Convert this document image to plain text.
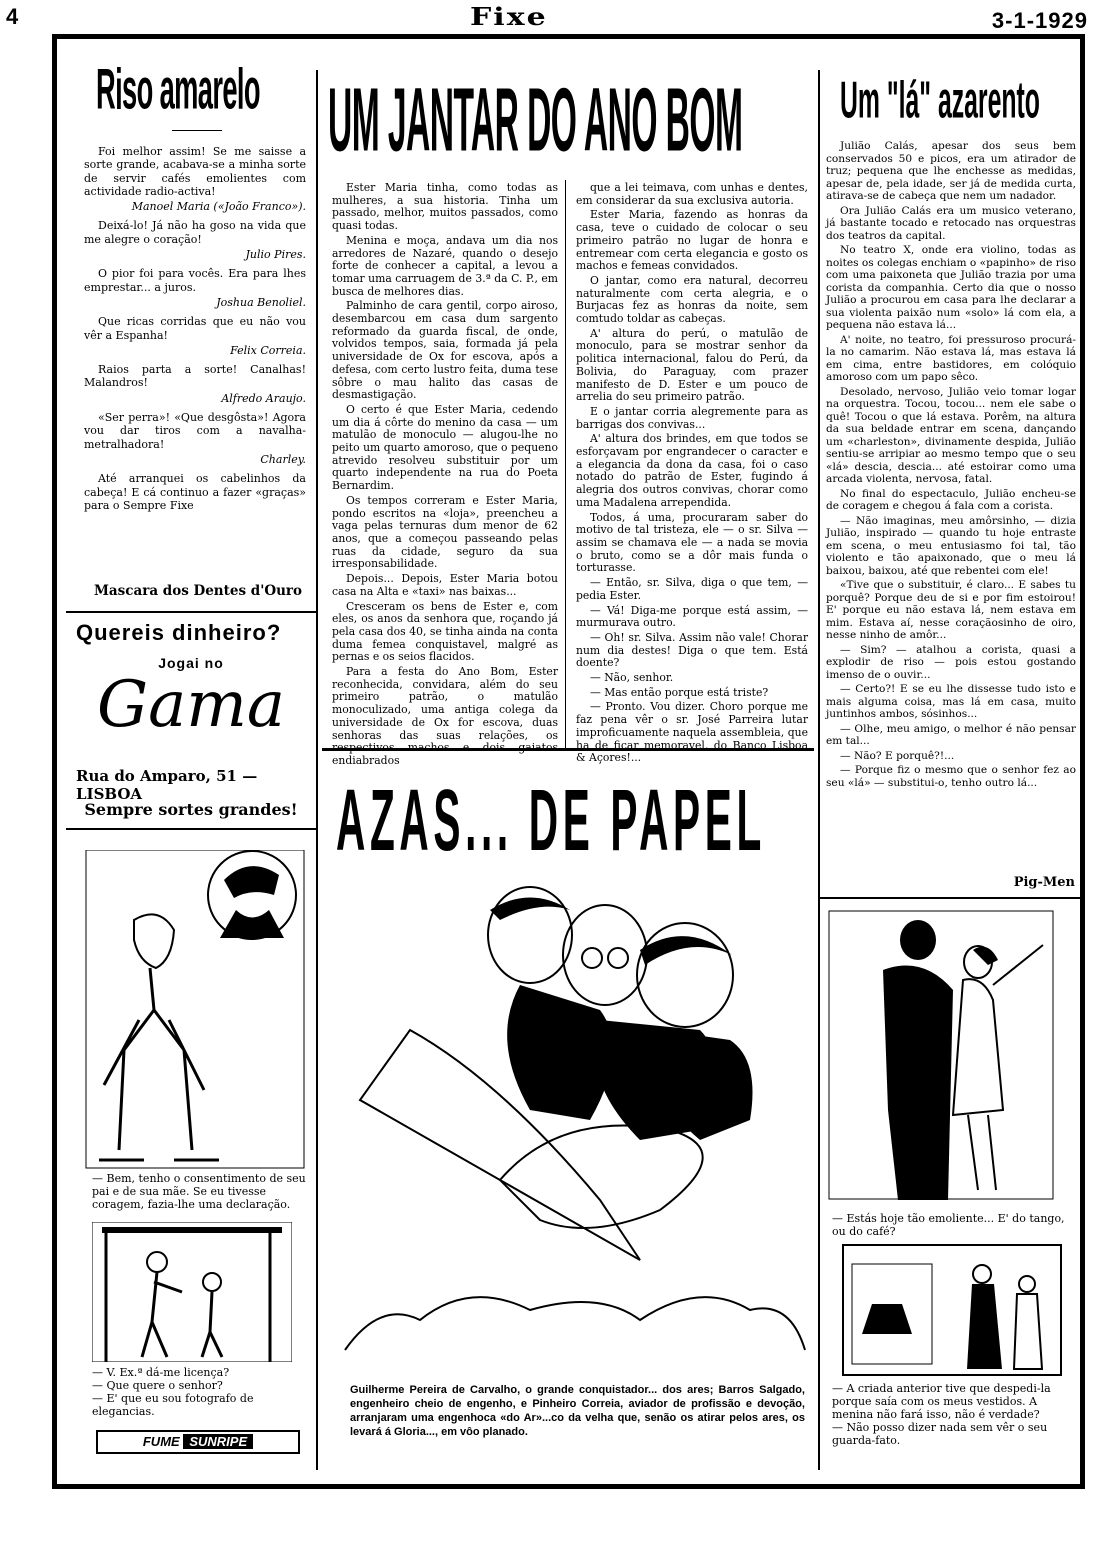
4	Fixe	3-1-1929
Riso amarelo

Foi melhor assim! Se me saisse a sorte grande, acabava-se a minha sorte de servir cafés emolientes com actividade radio-activa!

Manoel Maria («João Franco»).

Deixá-lo! Já não ha goso na vida que me alegre o coração!

Julio Pires.

O pior foi para vocês. Era para lhes emprestar... a juros.

Joshua Benoliel.

Que ricas corridas que eu não vou vêr a Espanha!

Felix Correia.

Raios parta a sorte! Canalhas! Malandros!

Alfredo Araujo.

«Ser perra»! «Que desgôsta»! Agora vou dar tiros com a navalha-metralhadora!

Charley.

Até arranquei os cabelinhos da cabeça! E cá continuo a fazer «graças» para o Sempre Fixe

Mascara dos Dentes d'Ouro
Quereis dinheiro?
Jogai no
Gama
Rua do Amparo, 51 — LISBOA
Sempre sortes grandes!
— Bem, tenho o consentimento de seu pai e de sua mãe. Se eu tivesse coragem, fazia-lhe uma declaração.
— V. Ex.ª dá-me licença?
— Que quere o senhor?
— E' que eu sou fotografo de elegancias.
FUME SUNRIPE
UM JANTAR DO ANO BOM

Ester Maria tinha, como todas as mulheres, a sua historia. Tinha um passado, melhor, muitos passados, como quasi todas.

Menina e moça, andava um dia nos arredores de Nazaré, quando o desejo forte de conhecer a capital, a levou a tomar uma carruagem de 3.ª da C. P., em busca de melhores dias.

Palminho de cara gentil, corpo airoso, desembarcou em casa dum sargento reformado da guarda fiscal, de onde, volvidos tempos, saia, formada já pela universidade de Ox for escova, após a defesa, com certo lustro feita, duma tese sôbre o mau halito das casas de desmastigação.

O certo é que Ester Maria, cedendo um dia á côrte do menino da casa — um matulão de monoculo — alugou-lhe no peito um quarto amoroso, que o pequeno atrevido resolveu substituir por um quarto independente na rua do Poeta Bernardim.

Os tempos correram e Ester Maria, pondo escritos na «loja», preencheu a vaga pelas ternuras dum menor de 62 anos, que a começou passeando pelas ruas da cidade, seguro da sua irresponsabilidade.

Depois... Depois, Ester Maria botou casa na Alta e «taxi» nas baixas...

Cresceram os bens de Ester e, com eles, os anos da senhora que, roçando já pela casa dos 40, se tinha ainda na conta duma femea conquistavel, malgré as pernas e os seios flacidos.

Para a festa do Ano Bom, Ester reconhecida, convidara, além do seu primeiro patrão, o matulão monoculizado, uma antiga colega da universidade de Ox for escova, duas senhoras das suas relações, os respectivos machos e dois gaiatos endiabrados

que a lei teimava, com unhas e dentes, em considerar da sua exclusiva autoria.

Ester Maria, fazendo as honras da casa, teve o cuidado de colocar o seu primeiro patrão no lugar de honra e entremear com certa elegancia e gosto os machos e femeas convidados.

O jantar, como era natural, decorreu naturalmente com certa alegria, e o Burjacas fez as honras da noite, sem comtudo toldar as cabeças.

A' altura do perú, o matulão de monoculo, para se mostrar senhor da politica internacional, falou do Perú, da Bolivia, do Paraguay, com prazer manifesto de D. Ester e um pouco de arrelia do seu primeiro patrão.

E o jantar corria alegremente para as barrigas dos convivas...

A' altura dos brindes, em que todos se esforçavam por engrandecer o caracter e a elegancia da dona da casa, foi o caso notado do patrão de Ester, fugindo á alegria dos outros convivas, chorar como uma Madalena arrependida.

Todos, á uma, procuraram saber do motivo de tal tristeza, ele — o sr. Silva — assim se chamava ele — a nada se movia o bruto, como se a dôr mais funda o torturasse.

— Então, sr. Silva, diga o que tem, — pedia Ester.

— Vá! Diga-me porque está assim, — murmurava outro.

— Oh! sr. Silva. Assim não vale! Chorar num dia destes! Diga o que tem. Está doente?

— Não, senhor.

— Mas então porque está triste?

— Pronto. Vou dizer. Choro porque me faz pena vêr o sr. José Parreira lutar improficuamente naquela assembleia, que ha de ficar memoravel, do Banco Lisboa & Açores!...

AZAS... DE PAPEL
Guilherme Pereira de Carvalho, o grande conquistador... dos ares; Barros Salgado, engenheiro cheio de engenho, e Pinheiro Correia, aviador de profissão e devoção, arranjaram uma engenhoca «do Ar»...co da velha que, senão os atirar pelos ares, os levará á Gloria..., em vôo planado.
Um "lá" azarento

Julião Calás, apesar dos seus bem conservados 50 e picos, era um atirador de truz; pequena que lhe enchesse as medidas, apesar de, pela idade, ser já de medida curta, atirava-se de cabeça que nem um nadador.

Ora Julião Calás era um musico veterano, já bastante tocado e retocado nas orquestras dos teatros da capital.

No teatro X, onde era violino, todas as noites os colegas enchiam o «papinho» de riso com uma paixoneta que Julião trazia por uma corista da companhia. Certo dia que o nosso Julião a procurou em casa para lhe declarar a sua violenta paixão num «solo» lá com ela, a pequena não estava lá...

A' noite, no teatro, foi pressuroso procurá-la no camarim. Não estava lá, mas estava lá em cima, entre bastidores, em colóquio amoroso com um papo sêco.

Desolado, nervoso, Julião veio tomar logar na orquestra. Tocou, tocou... nem ele sabe o quê! Tocou o que lá estava. Porêm, na altura da sua beldade entrar em scena, dançando um «charleston», divinamente despida, Julião sentiu-se arripiar ao mesmo tempo que o seu «lá» descia, descia... até estoirar como uma arcada violenta, nervosa, fatal.

No final do espectaculo, Julião encheu-se de coragem e chegou á fala com a corista.

— Não imaginas, meu amôrsinho, — dizia Julião, inspirado — quando tu hoje entraste em scena, o meu entusiasmo foi tal, tão violento e tão apaixonado, que o meu lá baixou, baixou, até que rebentei com ele!

«Tive que o substituir, é claro... E sabes tu porquê? Porque deu de si e por fim estoirou! E' porque eu não estava lá, nem estava em mim. Estava aí, nesse coraçãosinho de oiro, nesse ninho de amôr...

— Sim? — atalhou a corista, quasi a explodir de riso — pois estou gostando imenso de o ouvir...

— Certo?! E se eu lhe dissesse tudo isto e mais alguma coisa, mas lá em casa, muito juntinhos ambos, sósinhos...

— Olhe, meu amigo, o melhor é não pensar em tal...

— Não? E porquê?!...

— Porque fiz o mesmo que o senhor fez ao seu «lá» — substitui-o, tenho outro lá...

Pig-Men
— Estás hoje tão emoliente... E' do tango, ou do café?
— A criada anterior tive que despedi-la porque saía com os meus vestidos. A menina não fará isso, não é verdade?
— Não posso dizer nada sem vêr o seu guarda-fato.
